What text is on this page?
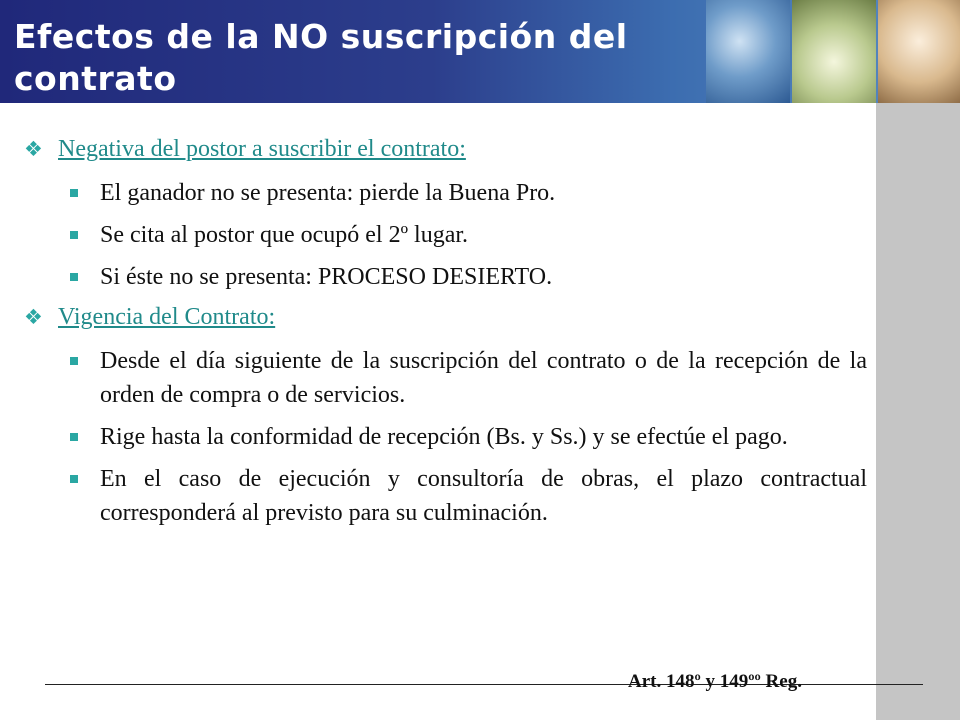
Efectos de la NO suscripción del contrato
❖ Negativa del postor a suscribir el contrato:
El ganador no se presenta: pierde la Buena Pro.
Se cita al postor que ocupó el 2º lugar.
Si éste no se presenta: PROCESO DESIERTO.
❖ Vigencia del Contrato:
Desde el día siguiente de la suscripción del contrato o de la recepción de la orden de compra o de servicios.
Rige hasta la conformidad de recepción (Bs. y Ss.) y se efectúe el pago.
En el caso de ejecución y consultoría de obras, el plazo contractual corresponderá al previsto para su culminación.
Art. 148º y 149ºº Reg.
